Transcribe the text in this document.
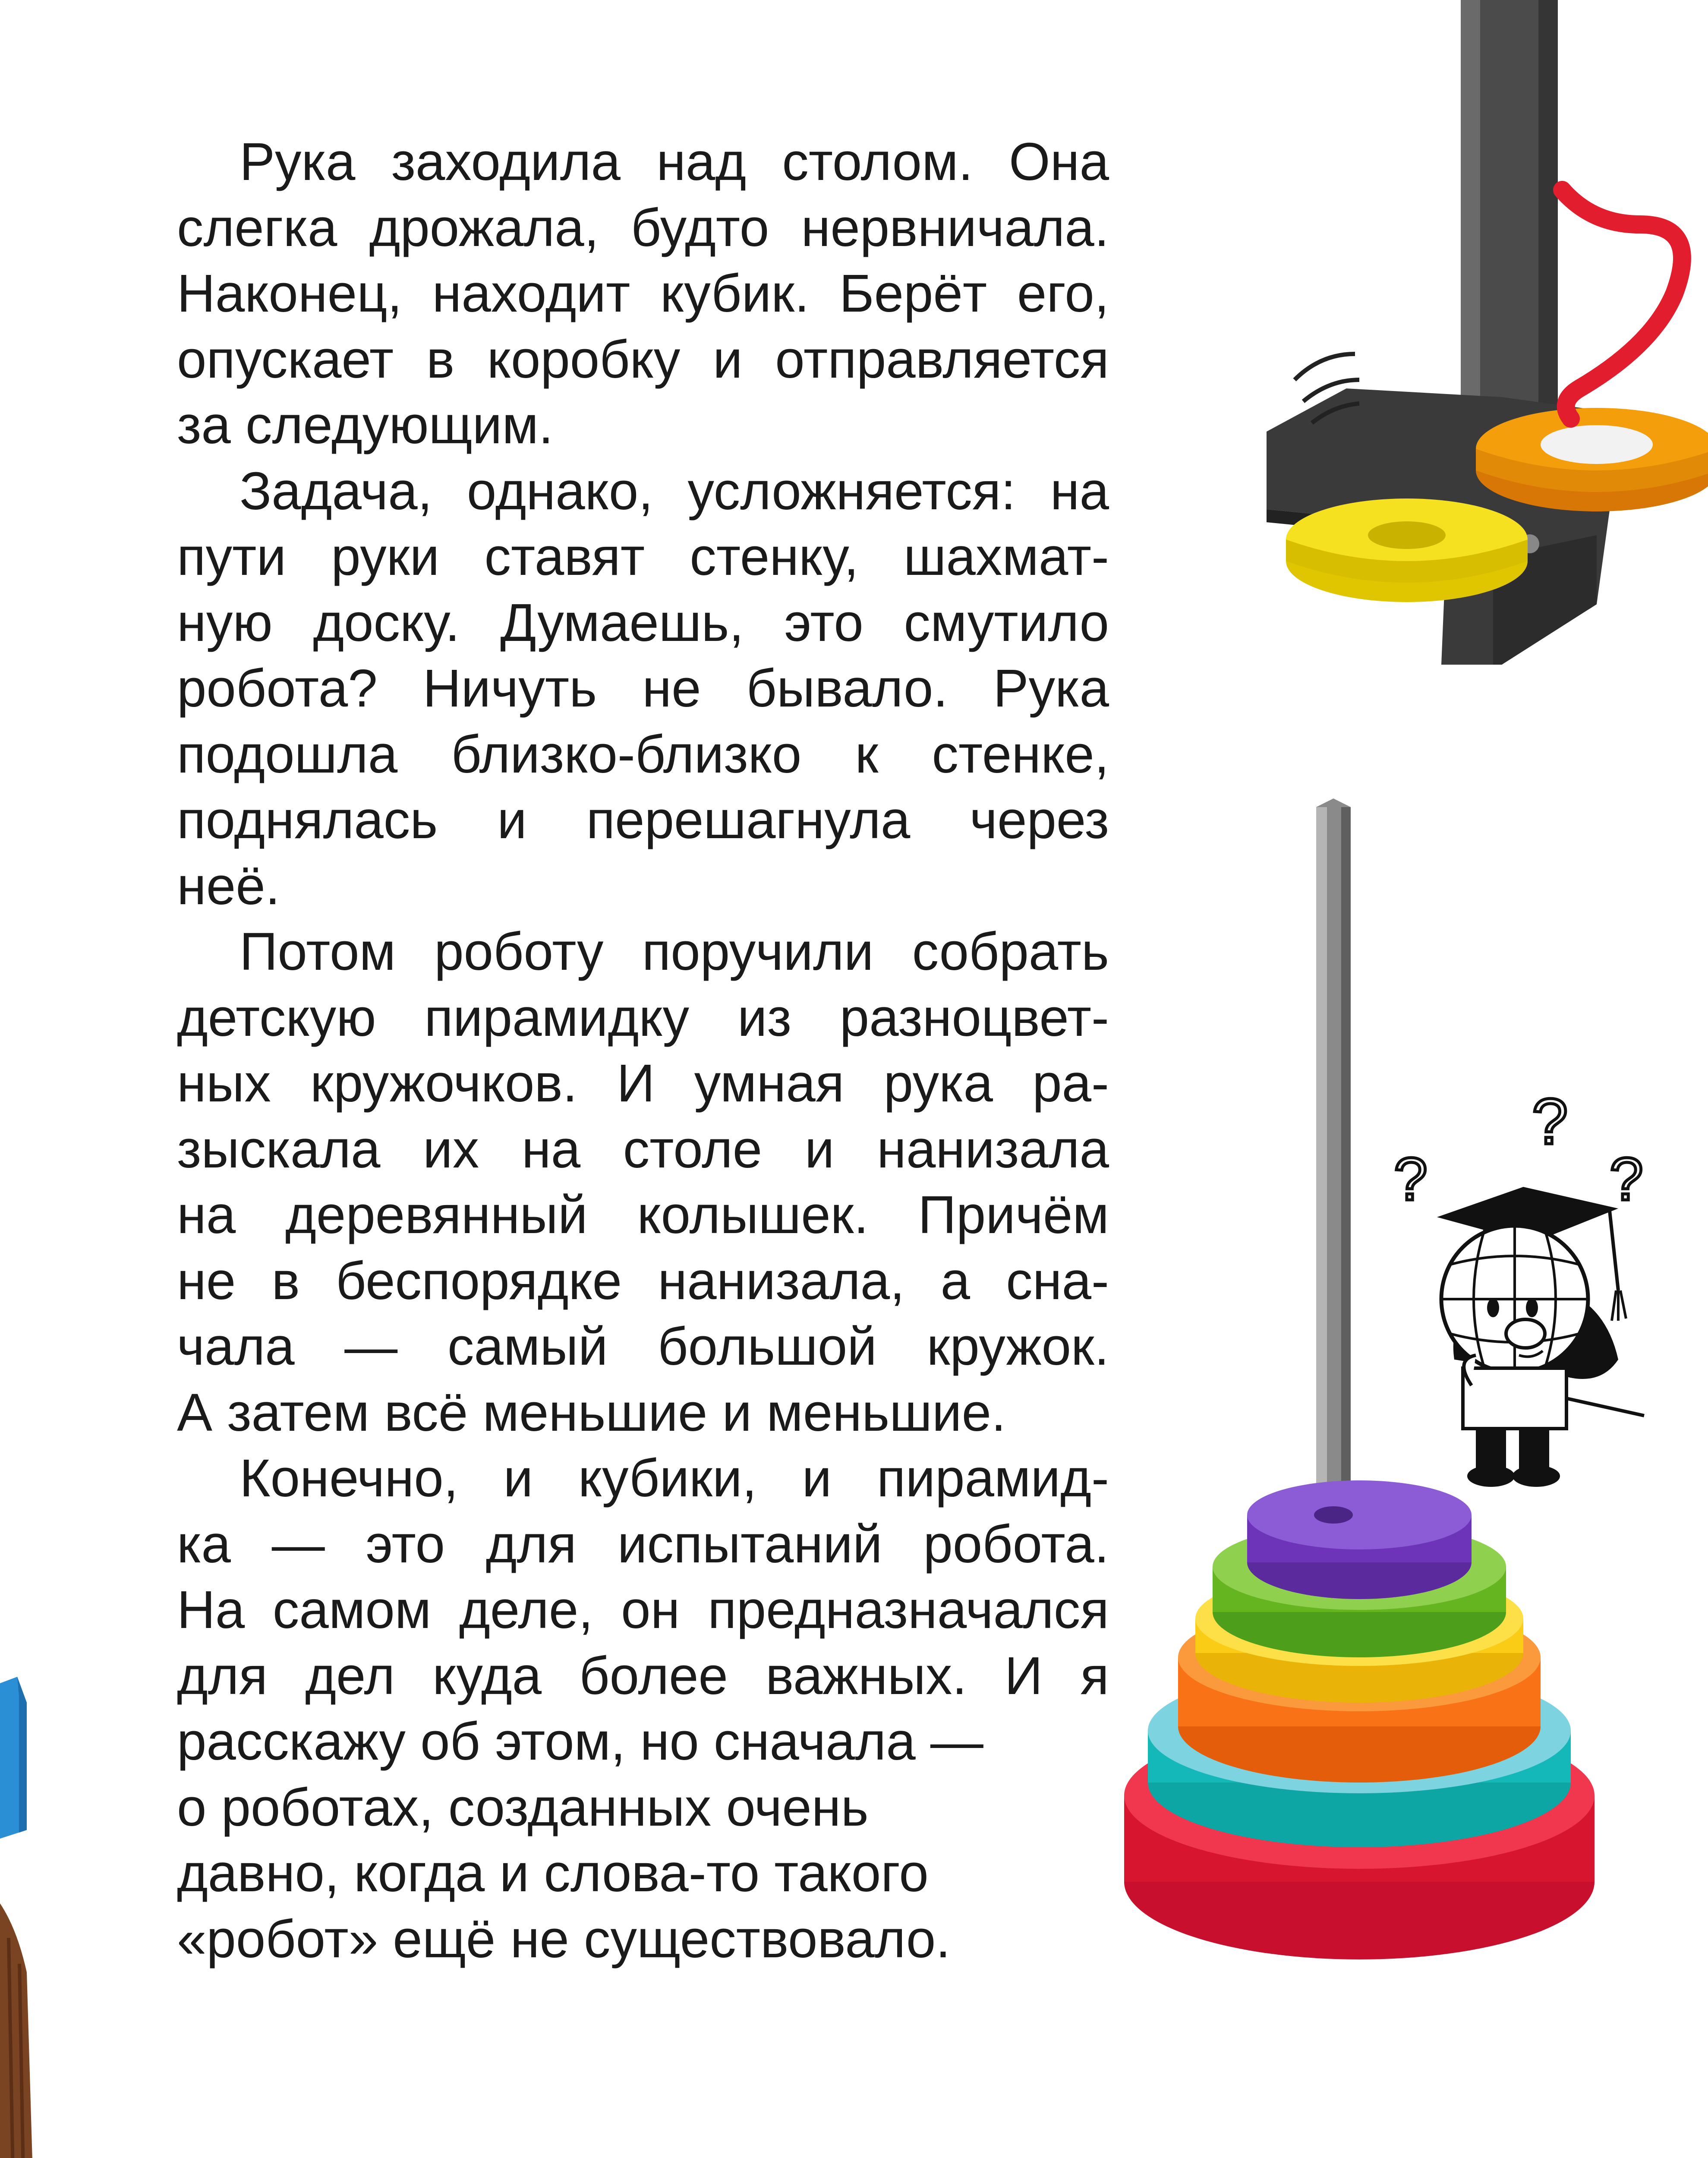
Рука заходила над столом. Она
слегка дрожала, будто нервничала.
Наконец, находит кубик. Берёт его,
опускает в коробку и отправляется
за следующим.
Задача, однако, усложняется: на
пути руки ставят стенку, шахмат-
ную доску. Думаешь, это смутило
робота? Ничуть не бывало. Рука
подошла близко-близко к стенке,
поднялась и перешагнула через
неё.
Потом роботу поручили собрать
детскую пирамидку из разноцвет-
ных кружочков. И умная рука ра-
зыскала их на столе и нанизала
на деревянный колышек. Причём
не в беспорядке нанизала, а сна-
чала — самый большой кружок.
А затем всё меньшие и меньшие.
Конечно, и кубики, и пирамид-
ка — это для испытаний робота.
На самом деле, он предназначался
для дел куда более важных. И я
расскажу об этом, но сначала —
о роботах, созданных очень
давно, когда и слова-то такого
«робот» ещё не существовало.
?
?	?
